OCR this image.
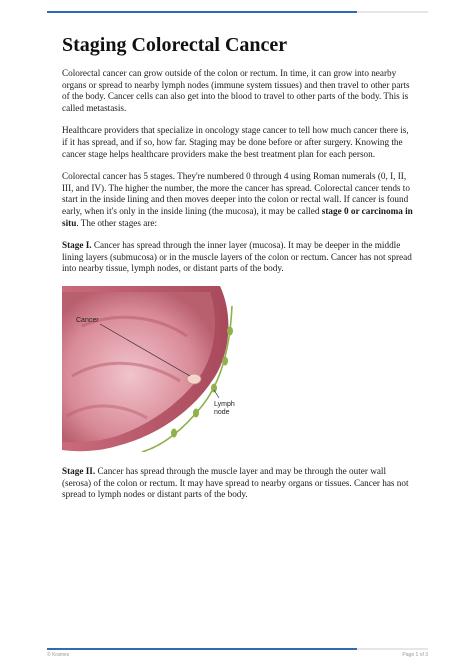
Staging Colorectal Cancer

Colorectal cancer can grow outside of the colon or rectum. In time, it can grow into nearby organs or spread to nearby lymph nodes (immune system tissues) and then travel to other parts of the body. Cancer cells can also get into the blood to travel to other parts of the body. This is called metastasis.

Healthcare providers that specialize in oncology stage cancer to tell how much cancer there is, if it has spread, and if so, how far. Staging may be done before or after surgery. Knowing the cancer stage helps healthcare providers make the best treatment plan for each person.

Colorectal cancer has 5 stages. They're numbered 0 through 4 using Roman numerals (0, I, II, III, and IV). The higher the number, the more the cancer has spread. Colorectal cancer tends to start in the inside lining and then moves deeper into the colon or rectal wall. If cancer is found early, when it's only in the inside lining (the mucosa), it may be called stage 0 or carcinoma in situ. The other stages are:

Stage I. Cancer has spread through the inner layer (mucosa). It may be deeper in the middle lining layers (submucosa) or in the muscle layers of the colon or rectum. Cancer has not spread into nearby tissue, lymph nodes, or distant parts of the body.

Cancer
Lymph
node

Stage II. Cancer has spread through the muscle layer and may be through the outer wall (serosa) of the colon or rectum. It may have spread to nearby organs or tissues. Cancer has not spread to lymph nodes or distant parts of the body.

© Krames	Page 1 of 3
